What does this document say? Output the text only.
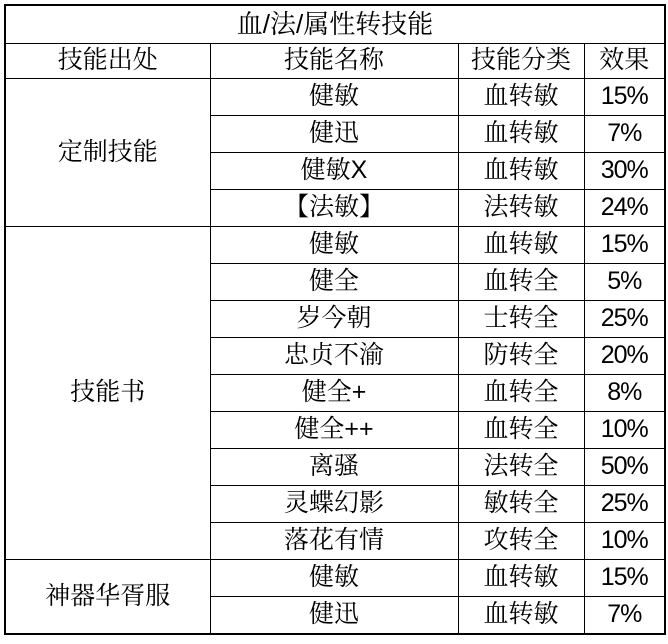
血/法/属性转技能			
技能出处	技能名称	技能分类	效果
定制技能	健敏	血转敏	15%
	健迅	血转敏	7%
	健敏X	血转敏	30%
	【法敏】	法转敏	24%
技能书	健敏	血转敏	15%
	健全	血转全	5%
	岁今朝	士转全	25%
	忠贞不渝	防转全	20%
	健全+	血转全	8%
	健全++	血转全	10%
	离骚	法转全	50%
	灵蝶幻影	敏转全	25%
	落花有情	攻转全	10%
神器华胥服	健敏	血转敏	15%
	健迅	血转敏	7%
